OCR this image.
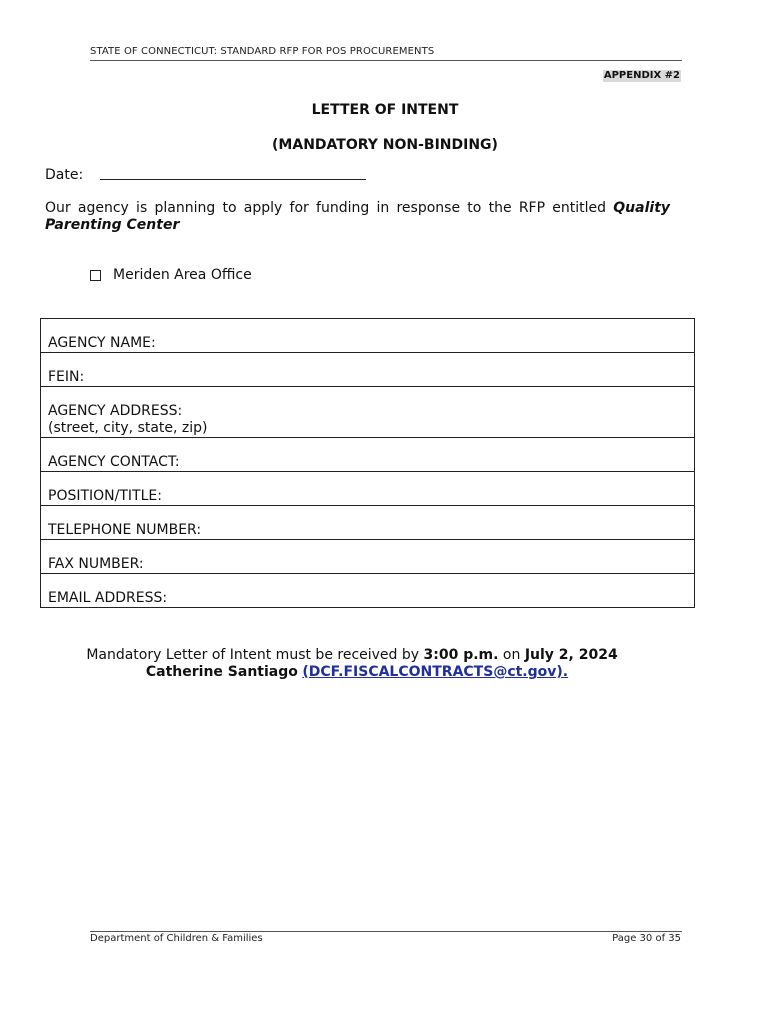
STATE OF CONNECTICUT: STANDARD RFP FOR POS PROCUREMENTS
APPENDIX #2
LETTER OF INTENT
(MANDATORY NON-BINDING)
Date:
Our agency is planning to apply for funding in response to the RFP entitled Quality Parenting Center
Meriden Area Office
AGENCY NAME:
FEIN:
AGENCY ADDRESS:
(street, city, state, zip)
AGENCY CONTACT:
POSITION/TITLE:
TELEPHONE NUMBER:
FAX NUMBER:
EMAIL ADDRESS:
Mandatory Letter of Intent must be received by 3:00 p.m. on July 2, 2024
Catherine Santiago (DCF.FISCALCONTRACTS@ct.gov).
Department of Children & Families	Page 30 of 35
